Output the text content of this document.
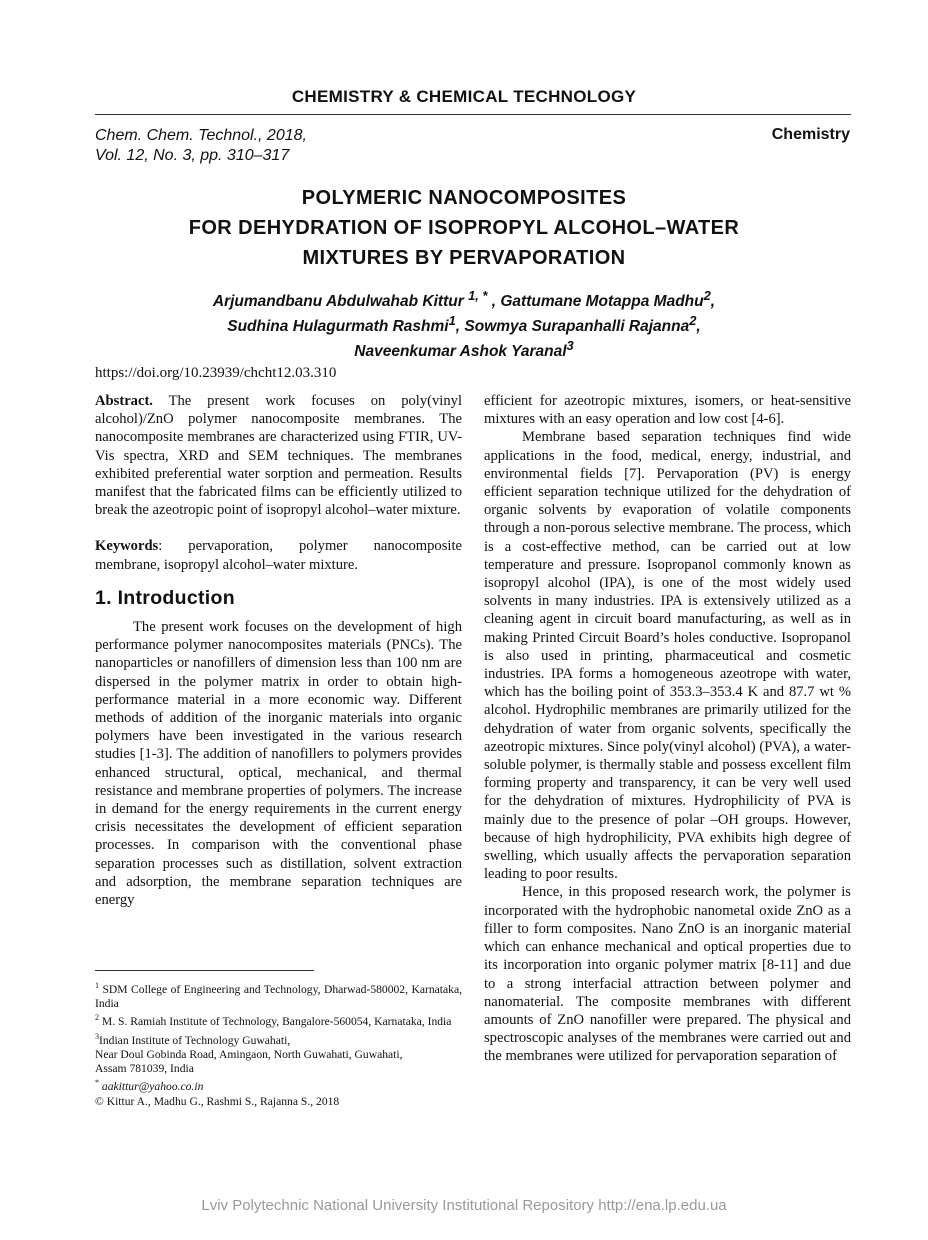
CHEMISTRY & CHEMICAL TECHNOLOGY
Chem. Chem. Technol., 2018,
Vol. 12, No. 3, pp. 310–317
Chemistry
POLYMERIC NANOCOMPOSITES
FOR DEHYDRATION OF ISOPROPYL ALCOHOL–WATER
MIXTURES BY PERVAPORATION
Arjumandbanu Abdulwahab Kittur $^{1, *}$ , Gattumane Motappa Madhu$^2$,
Sudhina Hulagurmath Rashmi$^1$, Sowmya Surapanhalli Rajanna$^2$,
Naveenkumar Ashok Yaranal$^3$
https://doi.org/10.23939/chcht12.03.310

Abstract. The present work focuses on poly(vinyl alcohol)/ZnO polymer nanocomposite membranes. The nanocomposite membranes are characterized using FTIR, UV-Vis spectra, XRD and SEM techniques. The membranes exhibited preferential water sorption and permeation. Results manifest that the fabricated films can be efficiently utilized to break the azeotropic point of isopropyl alcohol–water mixture.

Keywords: pervaporation, polymer nanocomposite membrane, isopropyl alcohol–water mixture.

1. Introduction

The present work focuses on the development of high performance polymer nanocomposites materials (PNCs). The nanoparticles or nanofillers of dimension less than 100 nm are dispersed in the polymer matrix in order to obtain high-performance material in a more economic way. Different methods of addition of the inorganic materials into organic polymers have been investigated in the various research studies [1-3]. The addition of nanofillers to polymers provides enhanced structural, optical, mechanical, and thermal resistance and membrane properties of polymers. The increase in demand for the energy requirements in the current energy crisis necessitates the development of efficient separation processes. In comparison with the conventional phase separation processes such as distillation, solvent extraction and adsorption, the membrane separation techniques are energy

efficient for azeotropic mixtures, isomers, or heat-sensitive mixtures with an easy operation and low cost [4-6].

Membrane based separation techniques find wide applications in the food, medical, energy, industrial, and environmental fields [7]. Pervaporation (PV) is energy efficient separation technique utilized for the dehydration of organic solvents by evaporation of volatile components through a non-porous selective membrane. The process, which is a cost-effective method, can be carried out at low temperature and pressure. Isopropanol commonly known as isopropyl alcohol (IPA), is one of the most widely used solvents in many industries. IPA is extensively utilized as a cleaning agent in circuit board manufacturing, as well as in making Printed Circuit Board’s holes conductive. Isopropanol is also used in printing, pharmaceutical and cosmetic industries. IPA forms a homogeneous azeotrope with water, which has the boiling point of 353.3–353.4 K and 87.7 wt % alcohol. Hydrophilic membranes are primarily utilized for the dehydration of water from organic solvents, specifically the azeotropic mixtures. Since poly(vinyl alcohol) (PVA), a water-soluble polymer, is thermally stable and possess excellent film forming property and transparency, it can be very well used for the dehydration of mixtures. Hydrophilicity of PVA is mainly due to the presence of polar –OH groups. However, because of high hydrophilicity, PVA exhibits high degree of swelling, which usually affects the pervaporation separation leading to poor results.

Hence, in this proposed research work, the polymer is incorporated with the hydrophobic nanometal oxide ZnO as a filler to form composites. Nano ZnO is an inorganic material which can enhance mechanical and optical properties due to its incorporation into organic polymer matrix [8-11] and due to a strong interfacial attraction between polymer and nanomaterial. The composite membranes with different amounts of ZnO nanofiller were prepared. The physical and spectroscopic analyses of the membranes were carried out and the membranes were utilized for pervaporation separation of

$^1$ SDM College of Engineering and Technology, Dharwad-580002, Karnataka, India
$^2$ M. S. Ramiah Institute of Technology, Bangalore-560054, Karnataka, India
$^3$Indian Institute of Technology Guwahati,
Near Doul Gobinda Road, Amingaon, North Guwahati, Guwahati,
Assam 781039, India
* aakittur@yahoo.co.in
© Kittur A., Madhu G., Rashmi S., Rajanna S., 2018
Lviv Polytechnic National University Institutional Repository http://ena.lp.edu.ua
